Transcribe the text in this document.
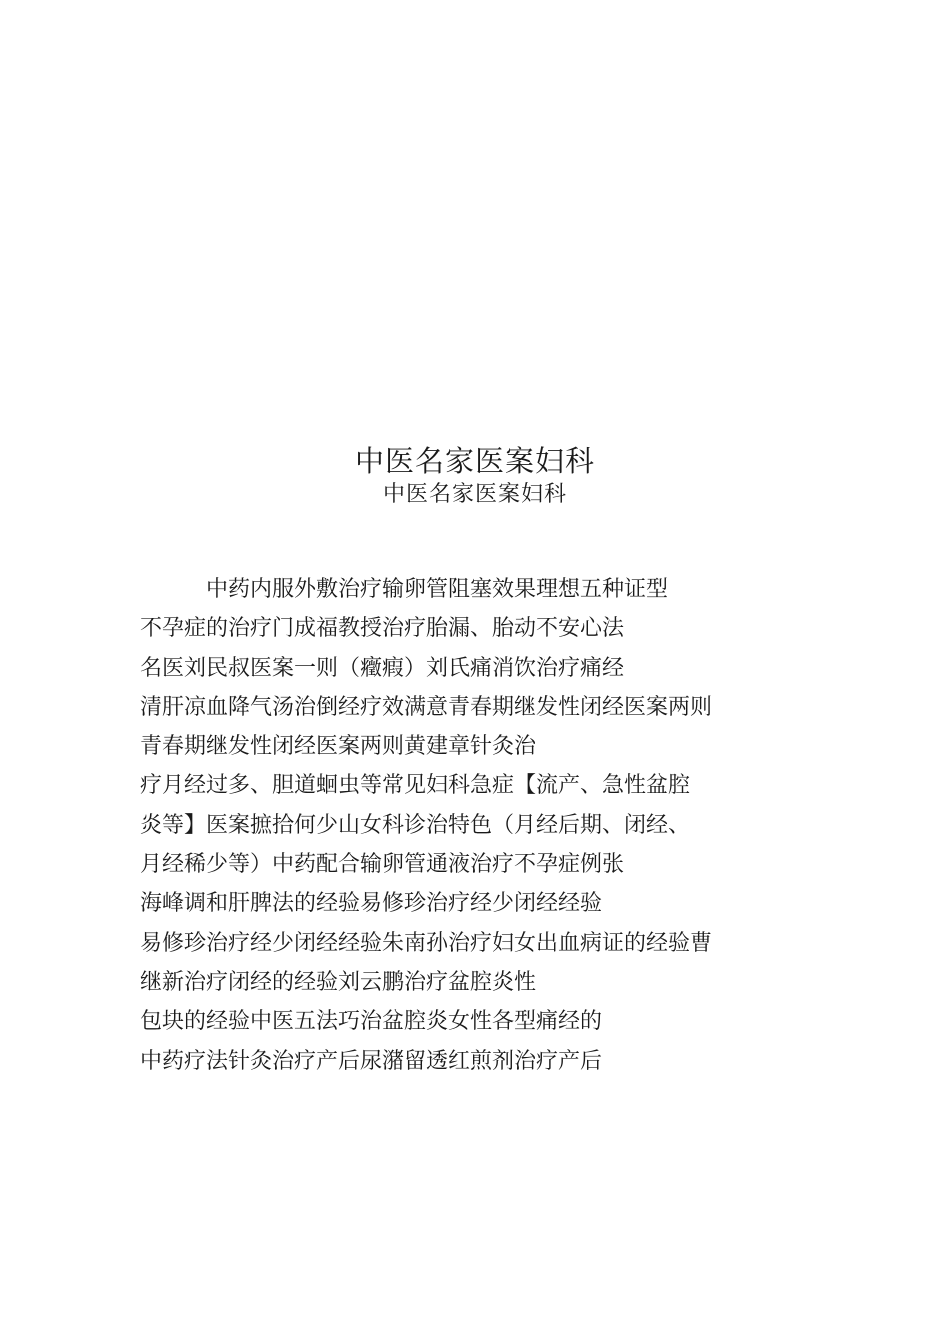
中医名家医案妇科
中医名家医案妇科
中药内服外敷治疗输卵管阻塞效果理想五种证型
不孕症的治疗门成福教授治疗胎漏、胎动不安心法
名医刘民叔医案一则（癥瘕）刘氏痛消饮治疗痛经
清肝凉血降气汤治倒经疗效满意青春期继发性闭经医案两则
青春期继发性闭经医案两则黄建章针灸治
疗月经过多、胆道蛔虫等常见妇科急症【流产、急性盆腔
炎等】医案摭拾何少山女科诊治特色（月经后期、闭经、
月经稀少等）中药配合输卵管通液治疗不孕症例张
海峰调和肝脾法的经验易修珍治疗经少闭经经验
易修珍治疗经少闭经经验朱南孙治疗妇女出血病证的经验曹
继新治疗闭经的经验刘云鹏治疗盆腔炎性
包块的经验中医五法巧治盆腔炎女性各型痛经的
中药疗法针灸治疗产后尿潴留透红煎剂治疗产后
